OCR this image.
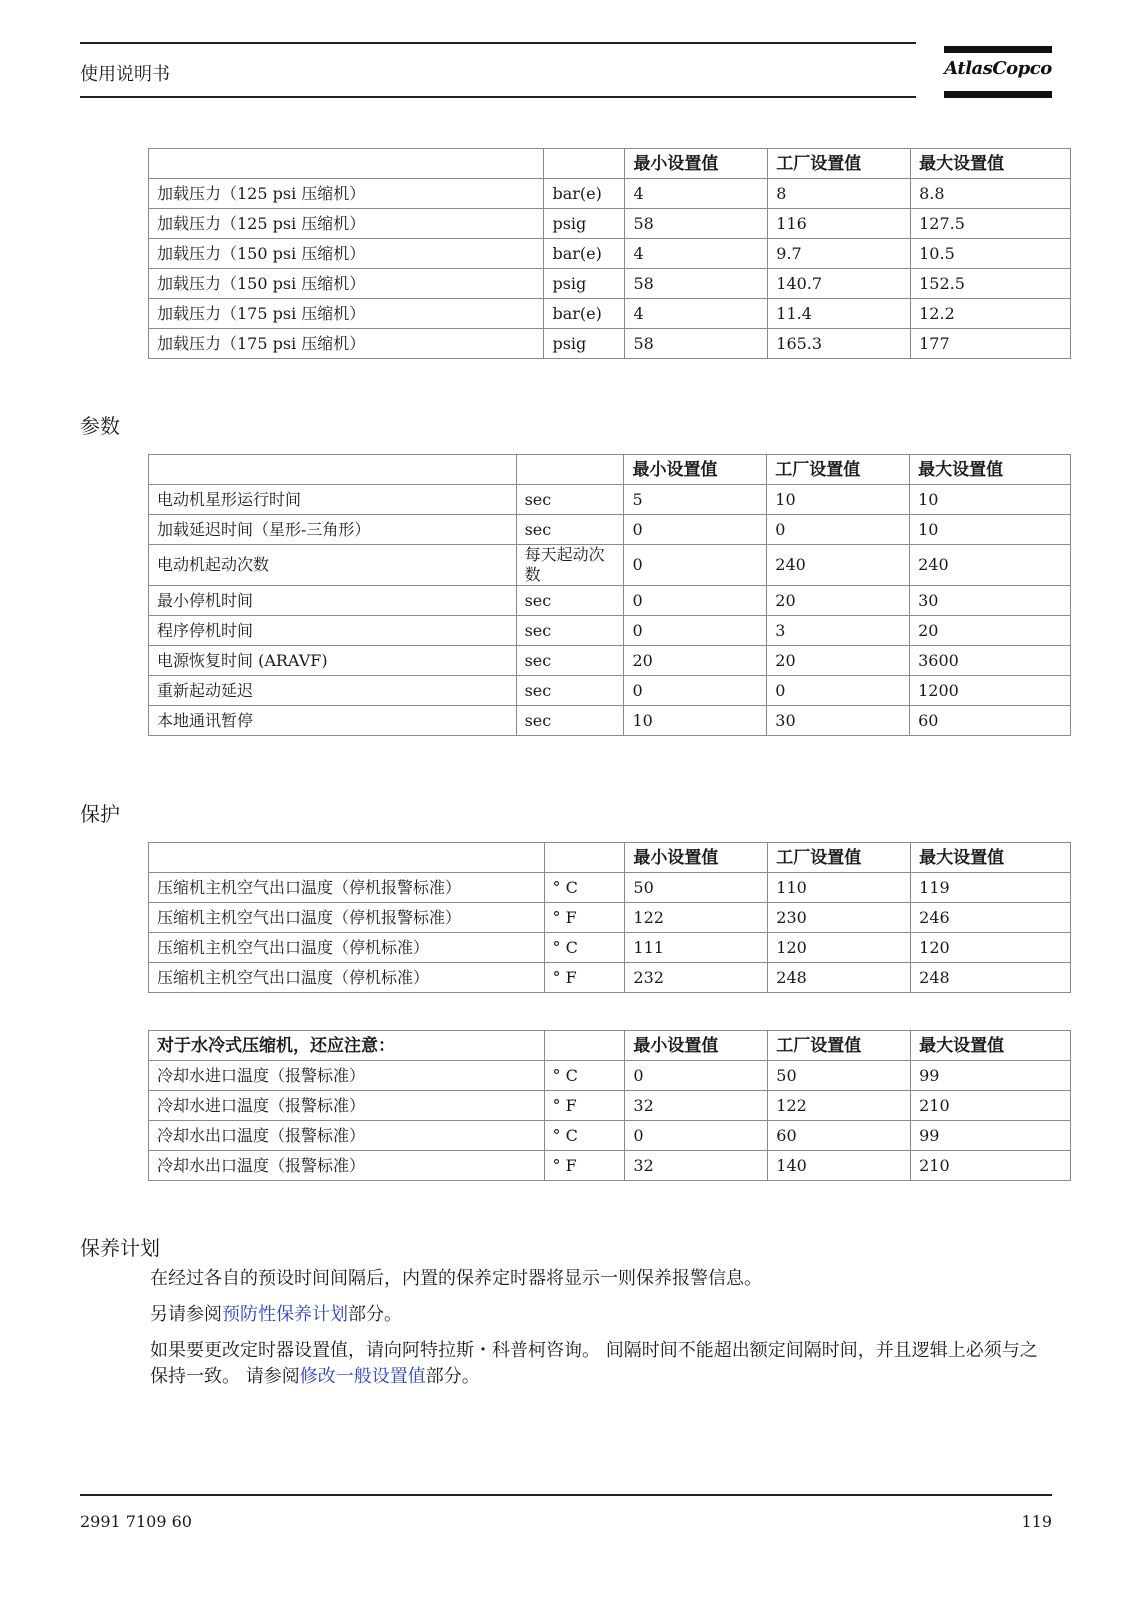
使用说明书	AtlasCopco
		最小设置值	工厂设置值	最大设置值
加载压力（125 psi 压缩机）	bar(e)	4	8	8.8
加载压力（125 psi 压缩机）	psig	58	116	127.5
加载压力（150 psi 压缩机）	bar(e)	4	9.7	10.5
加载压力（150 psi 压缩机）	psig	58	140.7	152.5
加载压力（175 psi 压缩机）	bar(e)	4	11.4	12.2
加载压力（175 psi 压缩机）	psig	58	165.3	177
参数
		最小设置值	工厂设置值	最大设置值
电动机星形运行时间	sec	5	10	10
加载延迟时间（星形-三角形）	sec	0	0	10
电动机起动次数	每天起动次数	0	240	240
最小停机时间	sec	0	20	30
程序停机时间	sec	0	3	20
电源恢复时间 (ARAVF)	sec	20	20	3600
重新起动延迟	sec	0	0	1200
本地通讯暂停	sec	10	30	60
保护
		最小设置值	工厂设置值	最大设置值
压缩机主机空气出口温度（停机报警标准）	° C	50	110	119
压缩机主机空气出口温度（停机报警标准）	° F	122	230	246
压缩机主机空气出口温度（停机标准）	° C	111	120	120
压缩机主机空气出口温度（停机标准）	° F	232	248	248
对于水冷式压缩机，还应注意：		最小设置值	工厂设置值	最大设置值
冷却水进口温度（报警标准）	° C	0	50	99
冷却水进口温度（报警标准）	° F	32	122	210
冷却水出口温度（报警标准）	° C	0	60	99
冷却水出口温度（报警标准）	° F	32	140	210
保养计划
在经过各自的预设时间间隔后，内置的保养定时器将显示一则保养报警信息。
另请参阅预防性保养计划部分。
如果要更改定时器设置值，请向阿特拉斯・科普柯咨询。 间隔时间不能超出额定间隔时间，并且逻辑上必须与之保持一致。 请参阅修改一般设置值部分。
2991 7109 60	119
